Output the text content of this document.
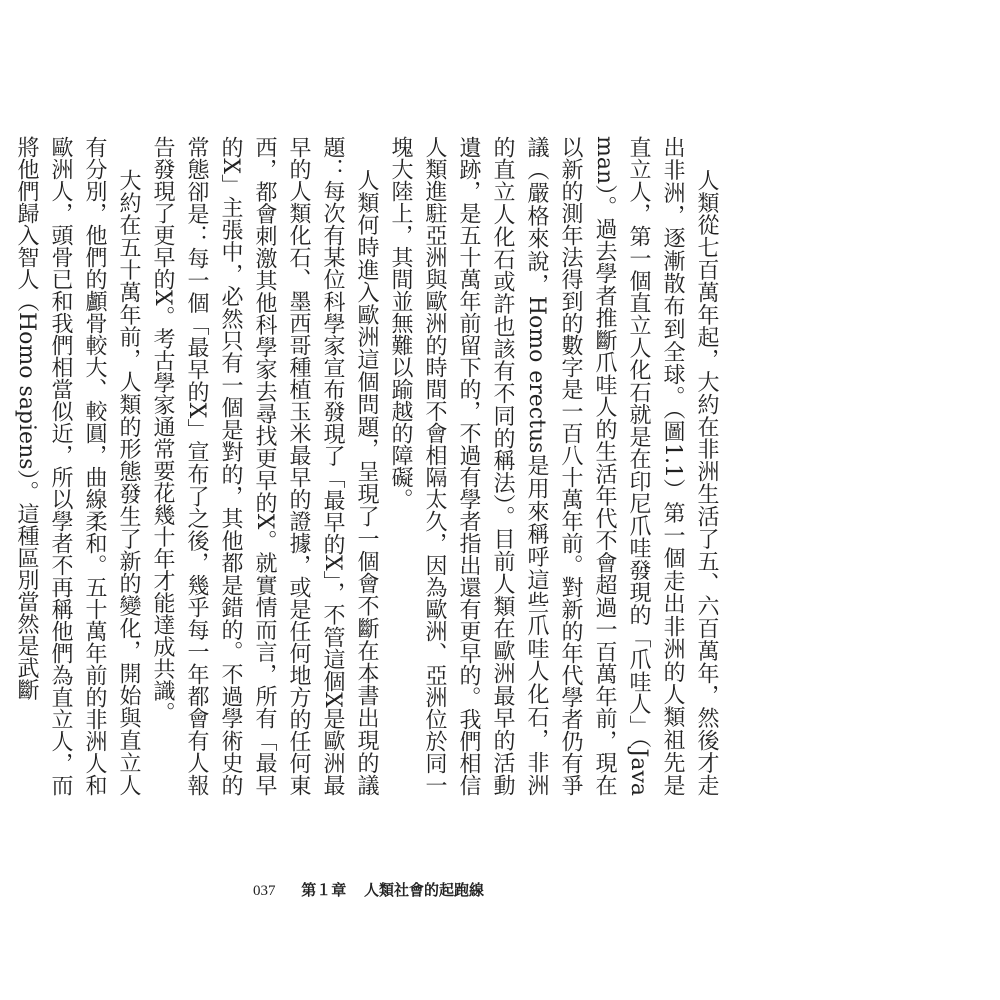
人類從七百萬年起，大約在非洲生活了五、六百萬年，然後才走出非洲，逐漸散布到全球。（圖1.1）第一個走出非洲的人類祖先是直立人，第一個直立人化石就是在印尼爪哇發現的「爪哇人」（Java man）。過去學者推斷爪哇人的生活年代不會超過一百萬年前，現在以新的測年法得到的數字是一百八十萬年前。對新的年代學者仍有爭議（嚴格來說，Homo erectus是用來稱呼這些爪哇人化石，非洲的直立人化石或許也該有不同的稱法）。目前人類在歐洲最早的活動遺跡，是五十萬年前留下的，不過有學者指出還有更早的。我們相信人類進駐亞洲與歐洲的時間不會相隔太久，因為歐洲、亞洲位於同一塊大陸上，其間並無難以踰越的障礙。

人類何時進入歐洲這個問題，呈現了一個會不斷在本書出現的議題：每次有某位科學家宣布發現了「最早的X」，不管這個X是歐洲最早的人類化石、墨西哥種植玉米最早的證據，或是任何地方的任何東西，都會刺激其他科學家去尋找更早的X。就實情而言，所有「最早的X」主張中，必然只有一個是對的，其他都是錯的。不過學術史的常態卻是：每一個「最早的X」宣布了之後，幾乎每一年都會有人報告發現了更早的X。考古學家通常要花幾十年才能達成共識。

大約在五十萬年前，人類的形態發生了新的變化，開始與直立人有分別，他們的顱骨較大、較圓，曲線柔和。五十萬年前的非洲人和歐洲人，頭骨已和我們相當似近，所以學者不再稱他們為直立人，而將他們歸入智人（Homo sapiens）。這種區別當然是武斷

037 第１章 人類社會的起跑線
